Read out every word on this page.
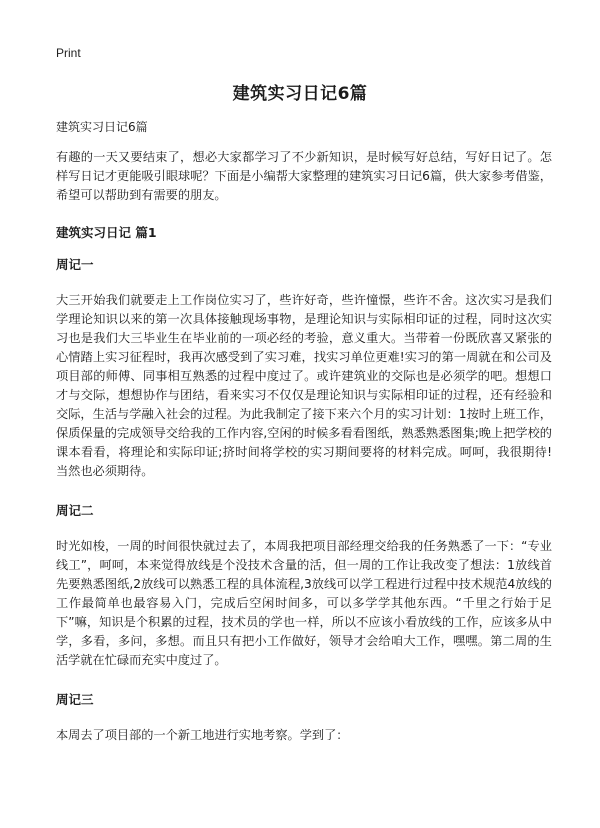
Print
建筑实习日记6篇
建筑实习日记6篇

有趣的一天又要结束了，想必大家都学习了不少新知识，是时候写好总结，写好日记了。怎样写日记才更能吸引眼球呢？下面是小编帮大家整理的建筑实习日记6篇，供大家参考借鉴，希望可以帮助到有需要的朋友。

建筑实习日记 篇1
周记一

大三开始我们就要走上工作岗位实习了，些许好奇，些许憧憬，些许不舍。这次实习是我们学理论知识以来的第一次具体接触现场事物，是理论知识与实际相印证的过程，同时这次实习也是我们大三毕业生在毕业前的一项必经的考验，意义重大。当带着一份既欣喜又紧张的心情踏上实习征程时，我再次感受到了实习难，找实习单位更难!实习的第一周就在和公司及项目部的师傅、同事相互熟悉的过程中度过了。或许建筑业的交际也是必须学的吧。想想口才与交际，想想协作与团结，看来实习不仅仅是理论知识与实际相印证的过程，还有经验和交际，生活与学融入社会的过程。为此我制定了接下来六个月的实习计划：1按时上班工作，保质保量的完成领导交给我的工作内容,空闲的时候多看看图纸，熟悉熟悉图集;晚上把学校的课本看看，将理论和实际印证;挤时间将学校的实习期间要将的材料完成。呵呵，我很期待!当然也必须期待。

周记二

时光如梭，一周的时间很快就过去了，本周我把项目部经理交给我的任务熟悉了一下：“专业线工”，呵呵，本来觉得放线是个没技术含量的活，但一周的工作让我改变了想法：1放线首先要熟悉图纸,2放线可以熟悉工程的具体流程,3放线可以学工程进行过程中技术规范4放线的工作最简单也最容易入门，完成后空闲时间多，可以多学学其他东西。“千里之行始于足下”嘛，知识是个积累的过程，技术员的学也一样，所以不应该小看放线的工作，应该多从中学，多看，多问，多想。而且只有把小工作做好，领导才会给咱大工作，嘿嘿。第二周的生活学就在忙碌而充实中度过了。

周记三

本周去了项目部的一个新工地进行实地考察。学到了：
